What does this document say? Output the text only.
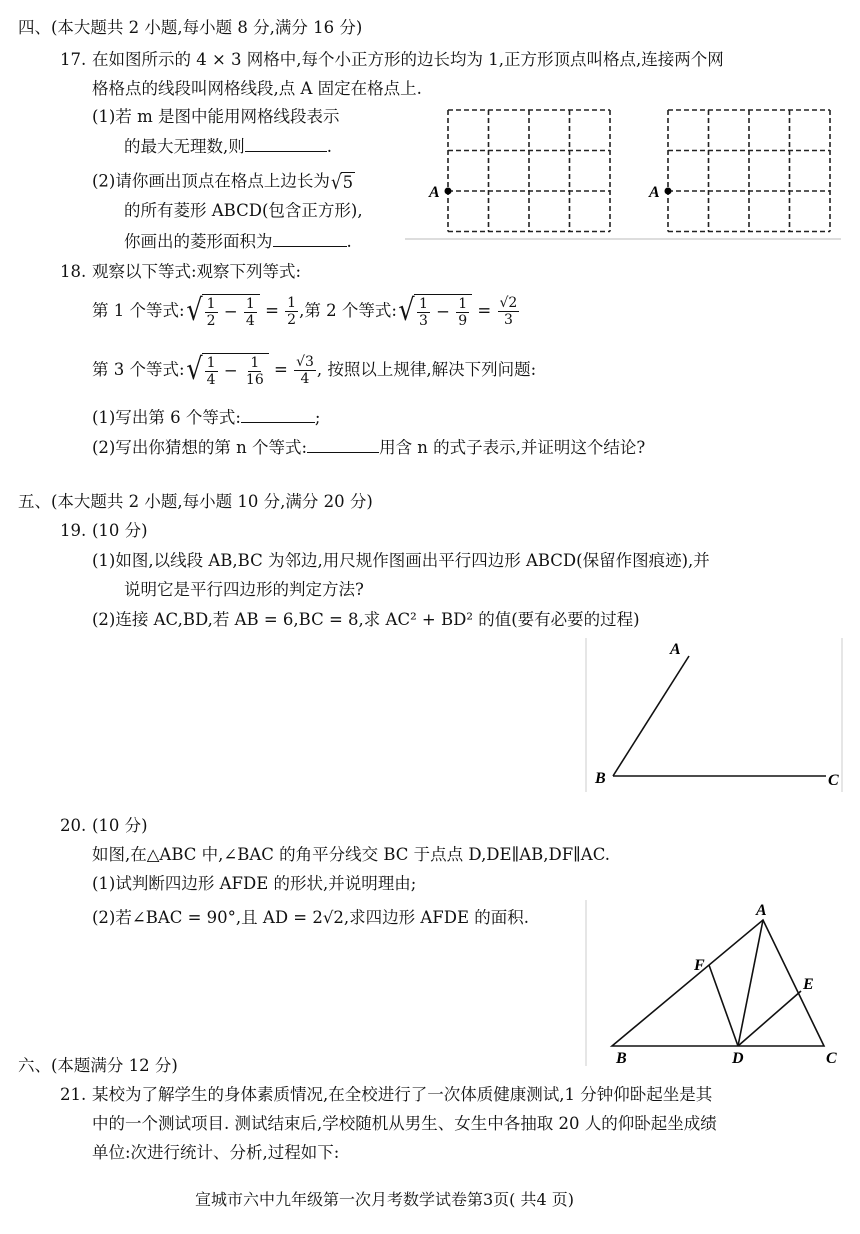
四、(本大题共 2 小题,每小题 8 分,满分 16 分)
17. 在如图所示的 4 × 3 网格中,每个小正方形的边长均为 1,正方形顶点叫格点,连接两个网
格格点的线段叫网格线段,点 A 固定在格点上.
(1)若 m 是图中能用网格线段表示
的最大无理数,则	.
(2)请你画出顶点在格点上边长为 √ 5
的所有菱形 ABCD(包含正方形),
你画出的菱形面积为	.
A	A
18. 观察以下等式:观察下列等式:
第 1 个等式: √ 1
2 − 1
4
= 1
2 ,第 2 个等式: √ 1
3 − 1
9
= √2
3
第 3 个等式: √ 1
4 − 1
16
= √3
4 , 按照以上规律,解决下列问题:
(1)写出第 6 个等式:	;
(2)写出你猜想的第 n 个等式:	用含 n 的式子表示,并证明这个结论?
五、(本大题共 2 小题,每小题 10 分,满分 20 分)
19. (10 分)
(1)如图,以线段 AB,BC 为邻边,用尺规作图画出平行四边形 ABCD(保留作图痕迹),并
说明它是平行四边形的判定方法?
(2)连接 AC,BD,若 AB = 6,BC = 8,求 AC² + BD² 的值(要有必要的过程)
A
B	C
20. (10 分)
如图,在△ABC 中,∠BAC 的角平分线交 BC 于点点 D,DE∥AB,DF∥AC.
(1)试判断四边形 AFDE 的形状,并说明理由;
(2)若∠BAC = 90°,且 AD = 2√2,求四边形 AFDE 的面积.	A
B	C
D
E
F
六、(本题满分 12 分)
21. 某校为了解学生的身体素质情况,在全校进行了一次体质健康测试,1 分钟仰卧起坐是其
中的一个测试项目. 测试结束后,学校随机从男生、女生中各抽取 20 人的仰卧起坐成绩
单位:次进行统计、分析,过程如下:
宣城市六中九年级第一次月考数学试卷第3页( 共4 页)
